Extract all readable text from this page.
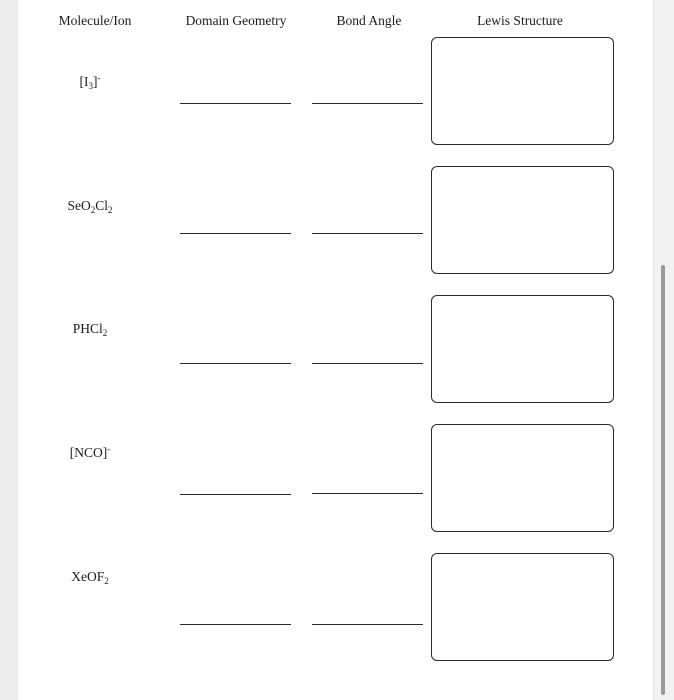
Molecule/Ion	Domain Geometry	Bond Angle	Lewis Structure
$[I_3]^-$
$SeO_2Cl_2$
PHCl$_2$
[NCO]-
XeOF$_2$
